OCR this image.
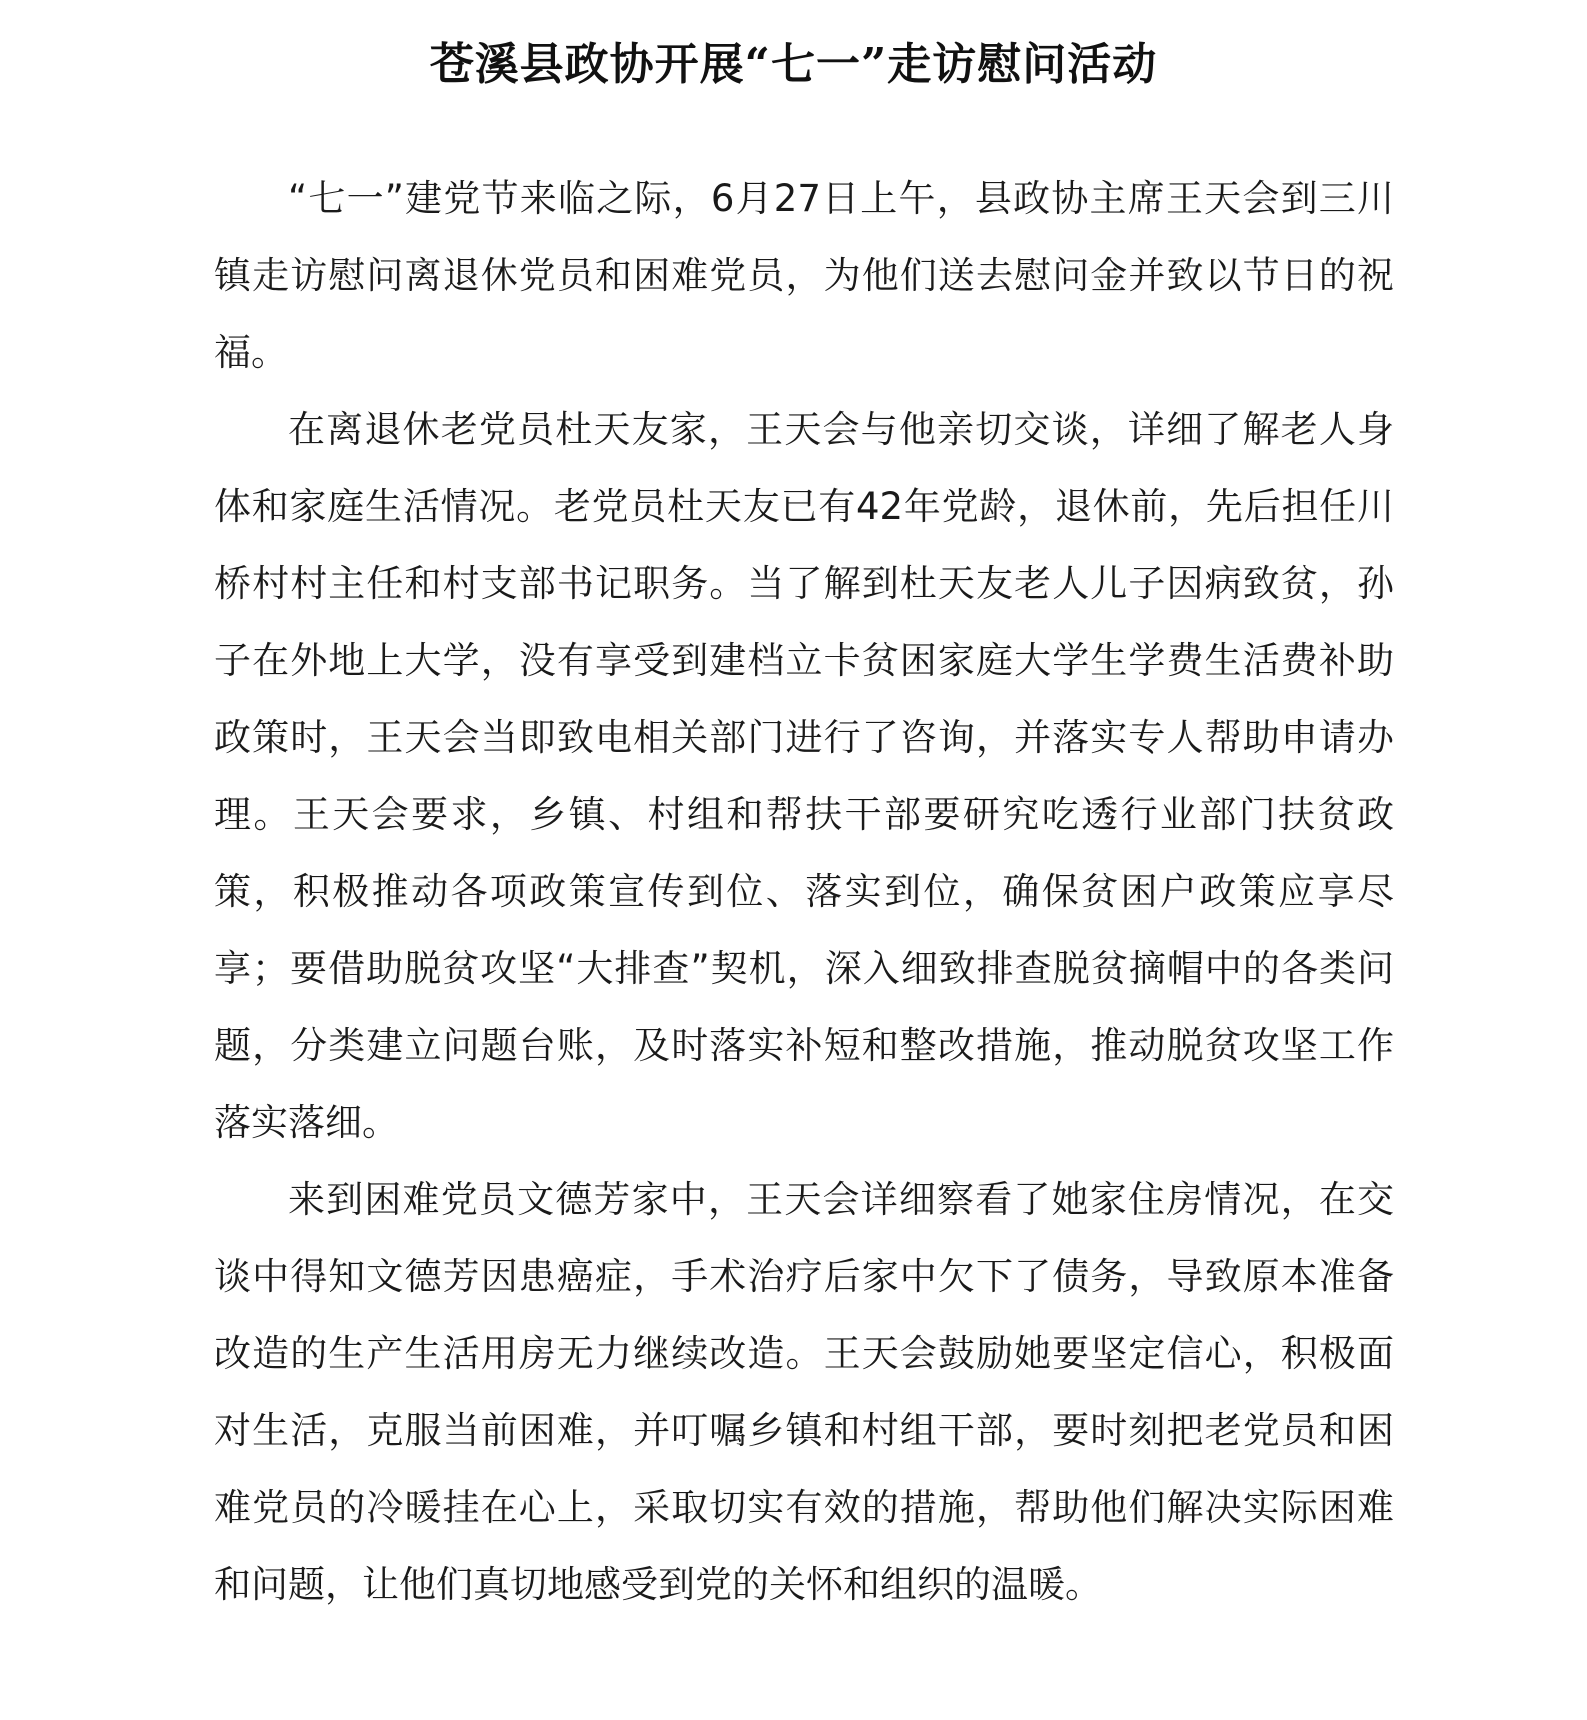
苍溪县政协开展“七一”走访慰问活动

“七一”建党节来临之际，6月27日上午，县政协主席王天会到三川镇走访慰问离退休党员和困难党员，为他们送去慰问金并致以节日的祝福。

在离退休老党员杜天友家，王天会与他亲切交谈，详细了解老人身体和家庭生活情况。老党员杜天友已有42年党龄，退休前，先后担任川桥村村主任和村支部书记职务。当了解到杜天友老人儿子因病致贫，孙子在外地上大学，没有享受到建档立卡贫困家庭大学生学费生活费补助政策时，王天会当即致电相关部门进行了咨询，并落实专人帮助申请办理。王天会要求，乡镇、村组和帮扶干部要研究吃透行业部门扶贫政策，积极推动各项政策宣传到位、落实到位，确保贫困户政策应享尽享；要借助脱贫攻坚“大排查”契机，深入细致排查脱贫摘帽中的各类问题，分类建立问题台账，及时落实补短和整改措施，推动脱贫攻坚工作落实落细。

来到困难党员文德芳家中，王天会详细察看了她家住房情况，在交谈中得知文德芳因患癌症，手术治疗后家中欠下了债务，导致原本准备改造的生产生活用房无力继续改造。王天会鼓励她要坚定信心，积极面对生活，克服当前困难，并叮嘱乡镇和村组干部，要时刻把老党员和困难党员的冷暖挂在心上，采取切实有效的措施，帮助他们解决实际困难和问题，让他们真切地感受到党的关怀和组织的温暖。
